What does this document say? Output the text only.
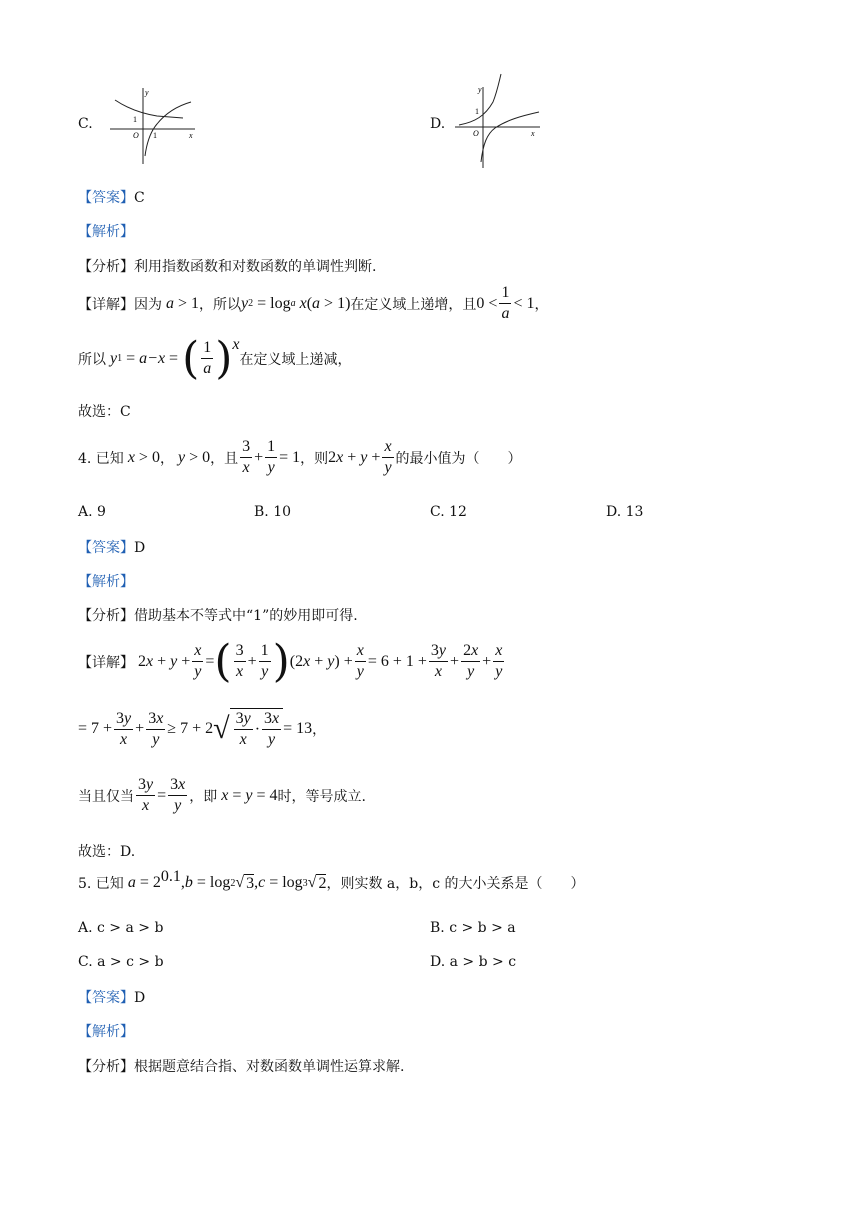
C.
y
x
O 1
1	D.
y
x
O
1
【答案】C
【解析】
【分析】利用指数函数和对数函数的单调性判断.
【详解】 因为 a > 1 ，所以 y 2 = log a x ( a > 1) 在定义域上递增，且 $0 < \frac{1}{a} < 1$ ，
所以 y 1 = a −x = ( $\frac{1}{a} )^x$
在定义域上递减，
故选：C
4. 已知 x > 0 ， y > 0 ，且 $\frac{3}{x} + \frac{1}{y} = 1$ ，则 2 $x + y + \frac{x}{y}$ 的最小值为（　　）
A. 9	B. 10	C. 12	D. 13
【答案】D
【解析】
【分析】借助基本不等式中“1”的妙用即可得.
【详解】 2 $x + y + \frac{x}{y}$ = ( $\frac{3}{x} + \frac{1}{y}$ ) (2 x + y ) + $\frac{x}{y} = 6 + 1 + \frac{3y}{x} + \frac{2x}{y} + \frac{x}{y}$
= $7 + \frac{3y}{x} + \frac{3x}{y} \ge 7 + 2$ √ $\frac{3y}{x} \cdot \frac{3x}{y} = 13$ ，
当且仅当 $\frac{3y}{x} = \frac{3x}{y}$ ，即 x = y = 4 时，等号成立.
故选：D.
5. 已知 $a = 2^{0.1}$ , b = log 2 √ 3 , c = log 3 √ 2 ，则实数 a，b，c 的大小关系是（　　）
A. c > a > b	B. c > b > a
C. a > c > b	D. a > b > c
【答案】D
【解析】
【分析】根据题意结合指、对数函数单调性运算求解.
